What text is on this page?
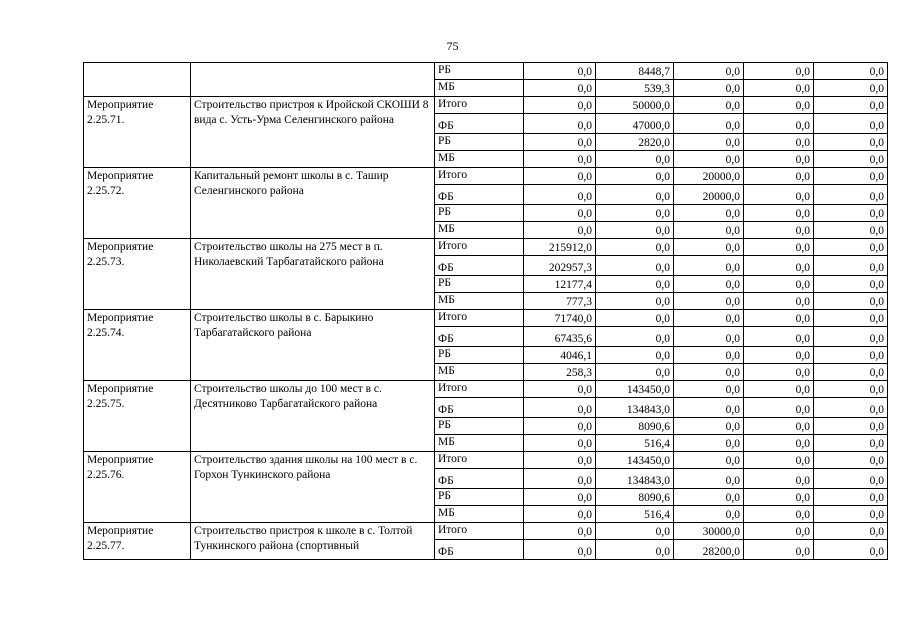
75
		РБ	0,0	8448,7	0,0	0,0	0,0
		МБ	0,0	539,3	0,0	0,0	0,0
Мероприятие 2.25.71.	Строительство пристроя к Иройской СКОШИ 8 вида с. Усть-Урма Селенгинского района	Итого	0,0	50000,0	0,0	0,0	0,0
		ФБ	0,0	47000,0	0,0	0,0	0,0
		РБ	0,0	2820,0	0,0	0,0	0,0
		МБ	0,0	0,0	0,0	0,0	0,0
Мероприятие 2.25.72.	Капитальный ремонт школы в с. Ташир Селенгинского района	Итого	0,0	0,0	20000,0	0,0	0,0
		ФБ	0,0	0,0	20000,0	0,0	0,0
		РБ	0,0	0,0	0,0	0,0	0,0
		МБ	0,0	0,0	0,0	0,0	0,0
Мероприятие 2.25.73.	Строительство школы на 275 мест в п. Николаевский Тарбагатайского района	Итого	215912,0	0,0	0,0	0,0	0,0
		ФБ	202957,3	0,0	0,0	0,0	0,0
		РБ	12177,4	0,0	0,0	0,0	0,0
		МБ	777,3	0,0	0,0	0,0	0,0
Мероприятие 2.25.74.	Строительство школы в с. Барыкино Тарбагатайского района	Итого	71740,0	0,0	0,0	0,0	0,0
		ФБ	67435,6	0,0	0,0	0,0	0,0
		РБ	4046,1	0,0	0,0	0,0	0,0
		МБ	258,3	0,0	0,0	0,0	0,0
Мероприятие 2.25.75.	Строительство школы до 100 мест в с. Десятниково Тарбагатайского района	Итого	0,0	143450,0	0,0	0,0	0,0
		ФБ	0,0	134843,0	0,0	0,0	0,0
		РБ	0,0	8090,6	0,0	0,0	0,0
		МБ	0,0	516,4	0,0	0,0	0,0
Мероприятие 2.25.76.	Строительство здания школы на 100 мест в с. Горхон Тункинского района	Итого	0,0	143450,0	0,0	0,0	0,0
		ФБ	0,0	134843,0	0,0	0,0	0,0
		РБ	0,0	8090,6	0,0	0,0	0,0
		МБ	0,0	516,4	0,0	0,0	0,0
Мероприятие 2.25.77.	Строительство пристроя к школе в с. Толтой Тункинского района (спортивный	Итого	0,0	0,0	30000,0	0,0	0,0
		ФБ	0,0	0,0	28200,0	0,0	0,0
